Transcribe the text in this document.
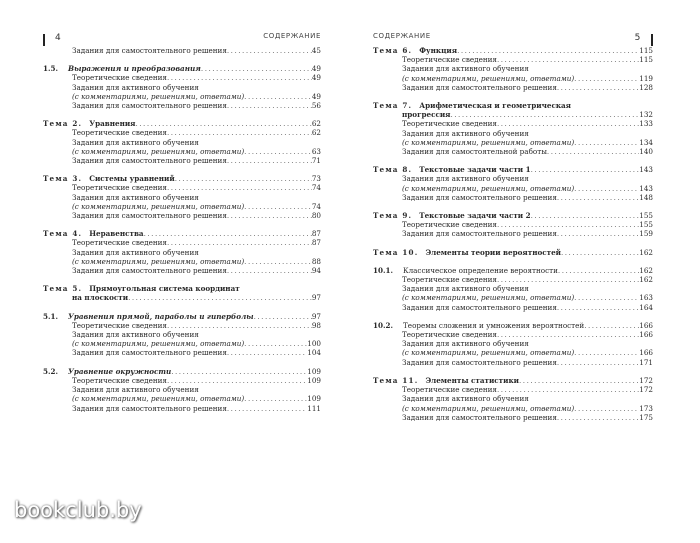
4	СОДЕРЖАНИЕ
Задания для самостоятельного решения .....	45
1.5. Выражения и преобразования .....	49
Теоретические сведения .....	49
Задания для активного обучения
(с комментариями, решениями, ответами) .....	49
Задания для самостоятельного решения .....	56
Тема 2. Уравнения .....	62
Теоретические сведения .....	62
Задания для активного обучения
(с комментариями, решениями, ответами) .....	63
Задания для самостоятельного решения .....	71
Тема 3. Системы уравнений .....	73
Теоретические сведения .....	74
Задания для активного обучения
(с комментариями, решениями, ответами) .....	74
Задания для самостоятельного решения .....	80
Тема 4. Неравенства .....	87
Теоретические сведения .....	87
Задания для активного обучения
(с комментариями, решениями, ответами) .....	88
Задания для самостоятельного решения .....	94
Тема 5. Прямоугольная система координат
на плоскости .....	97
5.1. Уравнения прямой, параболы и гиперболы .....	97
Теоретические сведения .....	98
Задания для активного обучения
(с комментариями, решениями, ответами) .....	100
Задания для самостоятельного решения .....	104
5.2. Уравнение окружности .....	109
Теоретические сведения .....	109
Задания для активного обучения
(с комментариями, решениями, ответами) .....	109
Задания для самостоятельного решения .....	111
СОДЕРЖАНИЕ	5
Тема 6. Функция .....	115
Теоретические сведения .....	115
Задания для активного обучения
(с комментариями, решениями, ответами) .....	119
Задания для самостоятельного решения .....	128
Тема 7. Арифметическая и геометрическая
прогрессия .....	132
Теоретические сведения .....	133
Задания для активного обучения
(с комментариями, решениями, ответами) .....	134
Задания для самостоятельной работы .....	140
Тема 8. Текстовые задачи части 1 .....	143
Задания для активного обучения
(с комментариями, решениями, ответами) .....	143
Задания для самостоятельного решения .....	148
Тема 9. Текстовые задачи части 2 .....	155
Теоретические сведения .....	155
Задания для самостоятельного решения .....	159
Тема 10. Элементы теории вероятностей .....	162
10.1. Классическое определение вероятности .....	162
Теоретические сведения .....	162
Задания для активного обучения
(с комментариями, решениями, ответами) .....	163
Задания для самостоятельного решения .....	164
10.2. Теоремы сложения и умножения вероятностей .....	166
Теоретические сведения .....	166
Задания для активного обучения
(с комментариями, решениями, ответами) .....	166
Задания для самостоятельного решения .....	171
Тема 11. Элементы статистики .....	172
Теоретические сведения .....	172
Задания для активного обучения
(с комментариями, решениями, ответами) .....	173
Задания для самостоятельного решения .....	175
bookclub.by
